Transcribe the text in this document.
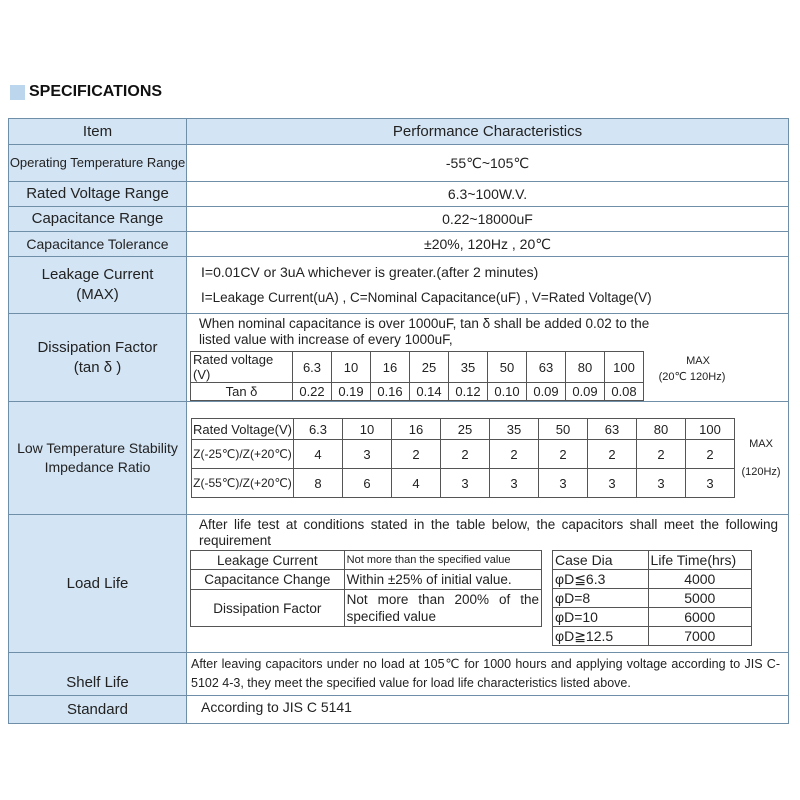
SPECIFICATIONS
Item	Performance Characteristics
Operating Temperature Range	-55℃~105℃
Rated Voltage Range	6.3~100W.V.
Capacitance Range	0.22~18000uF
Capacitance Tolerance	±20%, 120Hz , 20℃

Leakage Current
(MAX)

I=0.01CV or 3uA whichever is greater.(after 2 minutes)
I=Leakage Current(uA) , C=Nominal Capacitance(uF) , V=Rated Voltage(V)

Dissipation Factor
(tan δ )

When nominal capacitance is over 1000uF, tan δ shall be added 0.02 to the listed value with increase of every 1000uF,
Rated voltage (V)	6.3	10	16	25	35	50	63	80	100
Tan δ	0.22	0.19	0.16	0.14	0.12	0.10	0.09	0.09	0.08
MAX
(20℃ 120Hz)

Low Temperature Stability
Impedance Ratio

Rated Voltage(V)	6.3	10	16	25	35	50	63	80	100
Z(-25℃)/Z(+20℃)	4	3	2	2	2	2	2	2	2
Z(-55℃)/Z(+20℃)	8	6	4	3	3	3	3	3	3
MAX
(120Hz)

Load Life	
After life test at conditions stated in the table below, the capacitors shall meet the following requirement
Leakage Current	Not more than the specified value
Capacitance Change	Within ±25% of initial value.
Dissipation Factor	Not more than 200% of the specified value
Case Dia	Life Time(hrs)
φD≦6.3	4000
φD=8	5000
φD=10	6000
φD≧12.5	7000

Shelf Life	
After leaving capacitors under no load at 105℃ for 1000 hours and applying voltage according to JIS C-5102 4-3, they meet the specified value for load life characteristics listed above.

Standard	According to JIS C 5141
